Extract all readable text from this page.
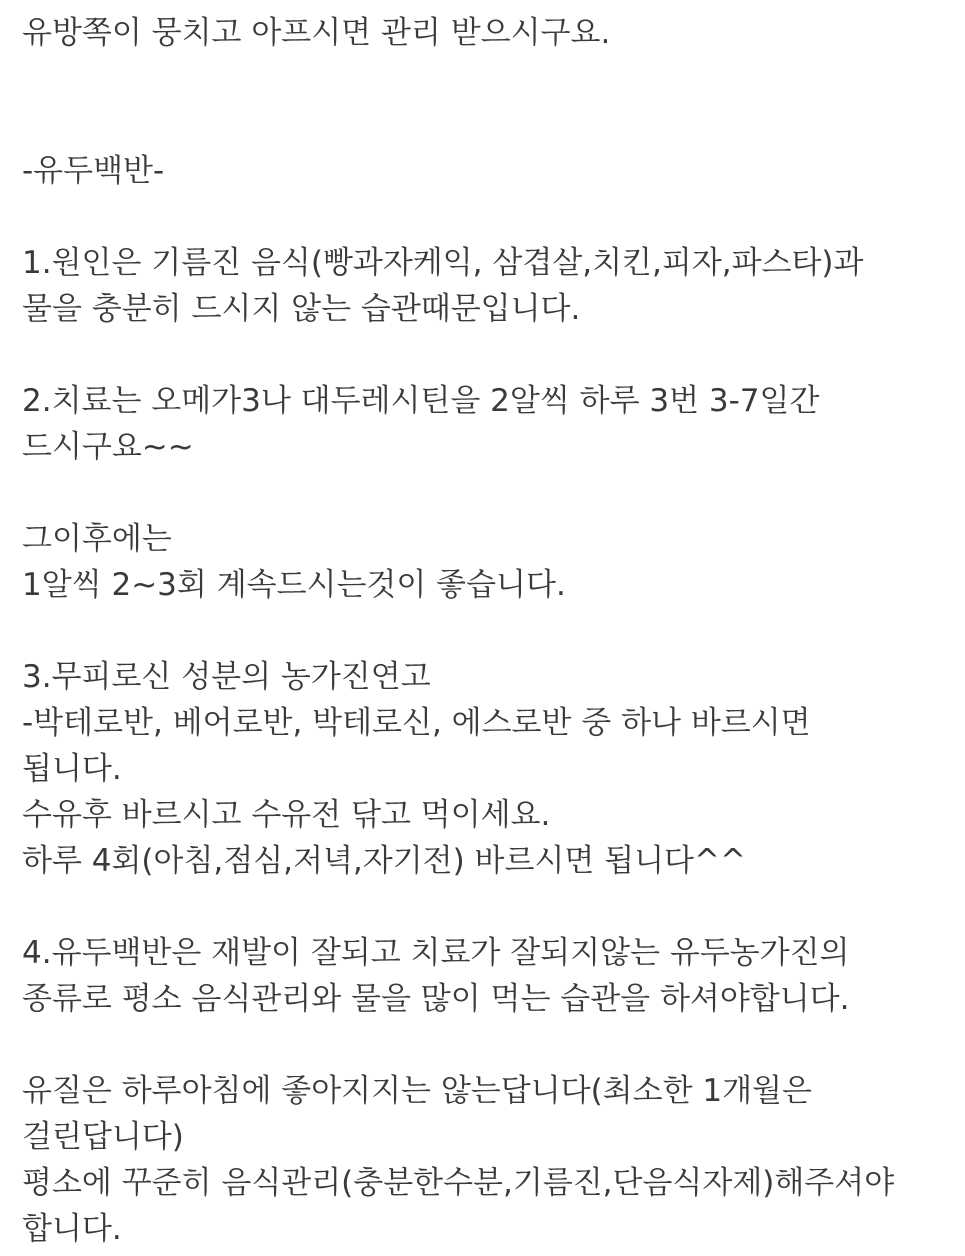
유방쪽이 뭉치고 아프시면 관리 받으시구요.
-유두백반-
1.원인은 기름진 음식(빵과자케익, 삼겹살,치킨,피자,파스타)과
물을 충분히 드시지 않는 습관때문입니다.
2.치료는 오메가3나 대두레시틴을 2알씩 하루 3번 3-7일간
드시구요~~
그이후에는
1알씩 2~3회 계속드시는것이 좋습니다.
3.무피로신 성분의 농가진연고
-박테로반, 베어로반, 박테로신, 에스로반 중 하나 바르시면
됩니다.
수유후 바르시고 수유전 닦고 먹이세요.
하루 4회(아침,점심,저녁,자기전) 바르시면 됩니다^^
4.유두백반은 재발이 잘되고 치료가 잘되지않는 유두농가진의
종류로 평소 음식관리와 물을 많이 먹는 습관을 하셔야합니다.
유질은 하루아침에 좋아지지는 않는답니다(최소한 1개월은
걸린답니다)
평소에 꾸준히 음식관리(충분한수분,기름진,단음식자제)해주셔야
합니다.
